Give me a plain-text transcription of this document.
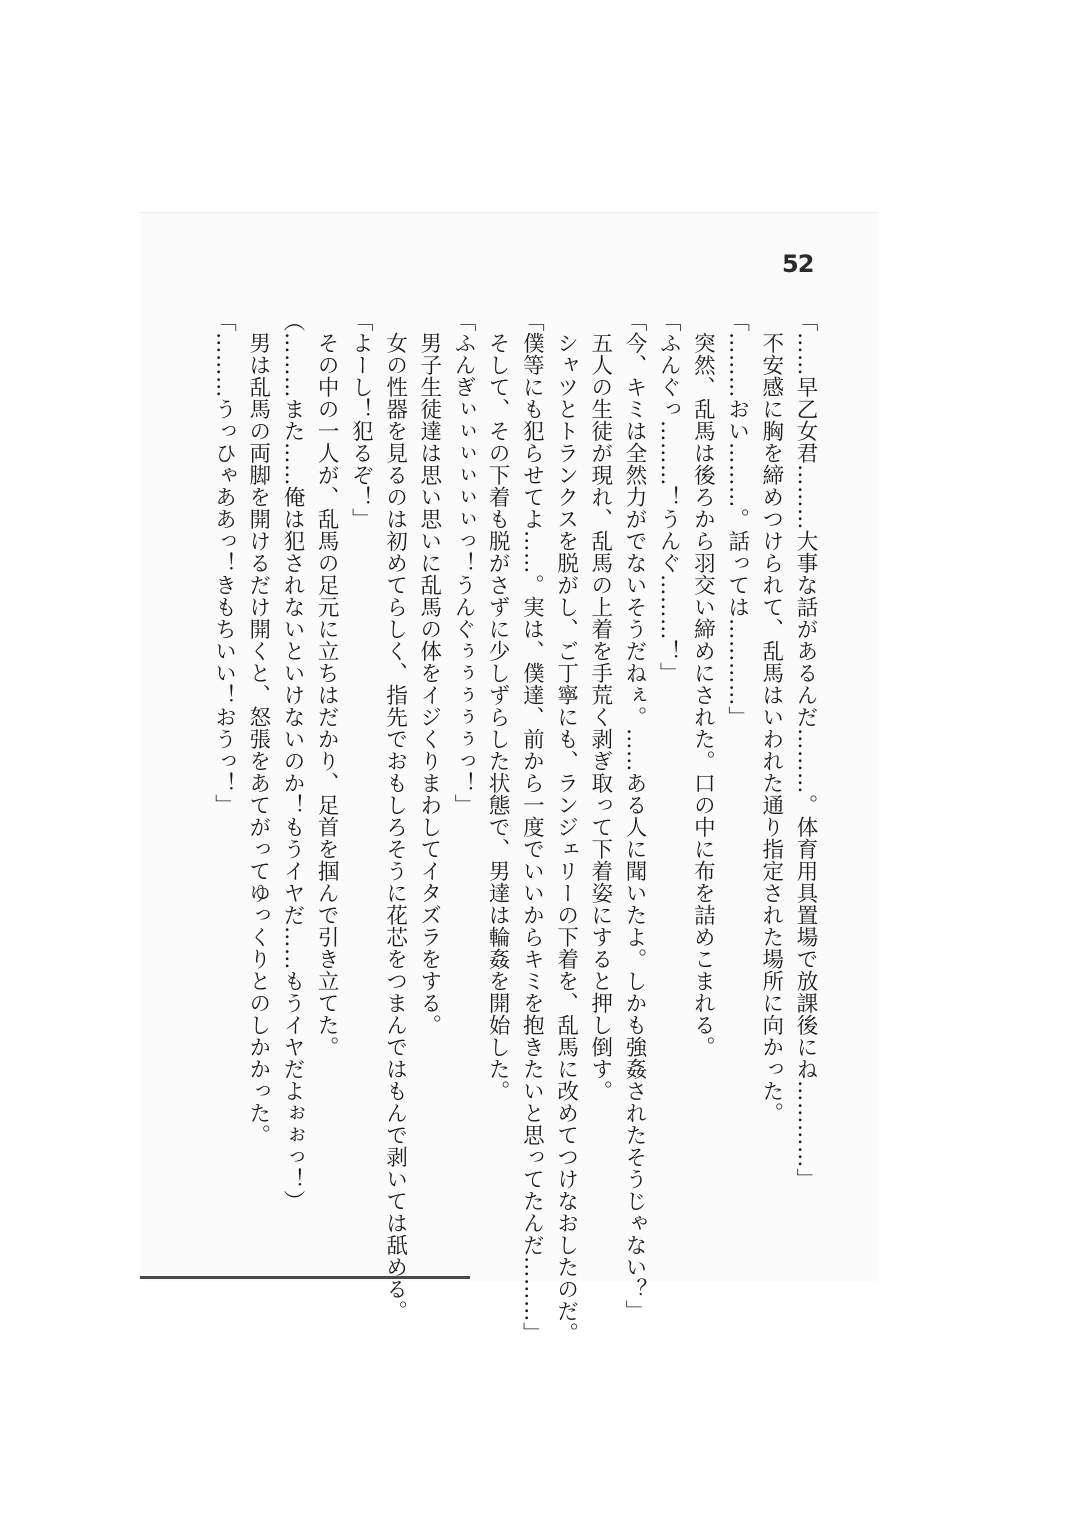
52

「……早乙女君………大事な話があるんだ………。体育用具置場で放課後にね…………」

不安感に胸を締めつけられて、乱馬はいわれた通り指定された場所に向かった。

「………おい………。話っては…………」

突然、乱馬は後ろから羽交い締めにされた。口の中に布を詰めこまれる。

「ふんぐっ………！うんぐ………！」

「今、キミは全然力がでないそうだねぇ。……ある人に聞いたよ。しかも強姦されたそうじゃない？」

五人の生徒が現れ、乱馬の上着を手荒く剥ぎ取って下着姿にすると押し倒す。

シャツとトランクスを脱がし、ご丁寧にも、ランジェリーの下着を、乱馬に改めてつけなおしたのだ。

「僕等にも犯らせてよ……。実は、僕達、前から一度でいいからキミを抱きたいと思ってたんだ………」

そして、その下着も脱がさずに少しずらした状態で、男達は輪姦を開始した。

「ふんぎぃぃぃぃぃぃっ！うんぐぅぅぅぅぅっ！」

男子生徒達は思い思いに乱馬の体をイジくりまわしてイタズラをする。

女の性器を見るのは初めてらしく、指先でおもしろそうに花芯をつまんではもんで剥いては舐める。

「よーし！犯るぞ！」

その中の一人が、乱馬の足元に立ちはだかり、足首を掴んで引き立てた。

（………また……俺は犯されないといけないのか！もうイヤだ……もうイヤだよぉぉっ！）

男は乱馬の両脚を開けるだけ開くと、怒張をあてがってゆっくりとのしかかった。

「………うっひゃああっ！きもちいい！おうっ！」
